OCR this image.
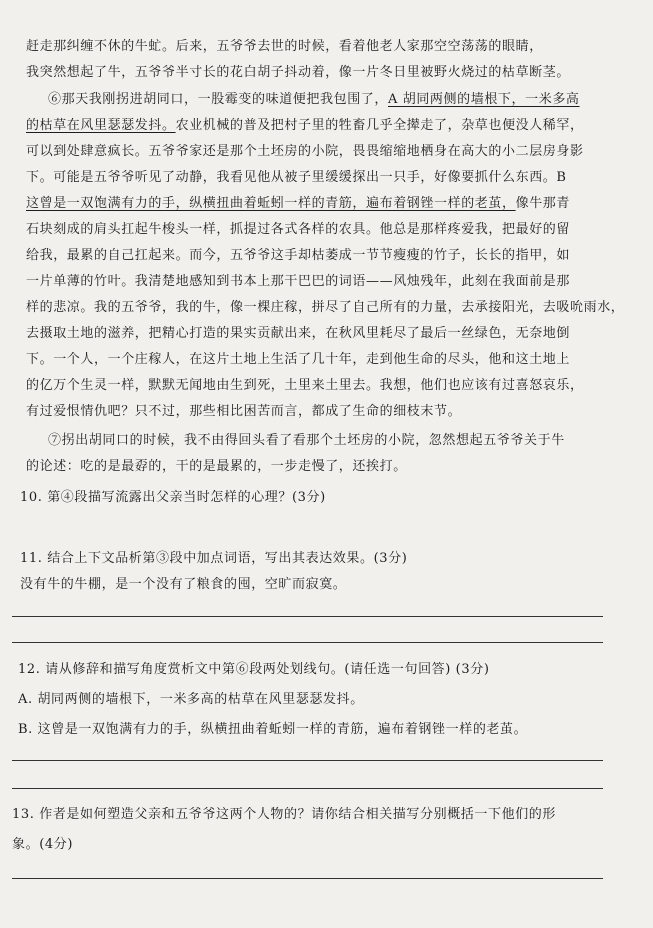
赶走那纠缠不休的牛虻。后来，五爷爷去世的时候，看着他老人家那空空荡荡的眼睛，
我突然想起了牛，五爷爷半寸长的花白胡子抖动着，像一片冬日里被野火烧过的枯草断茎。
⑥那天我刚拐进胡同口，一股霉变的味道便把我包围了，A 胡同两侧的墙根下，一米多高
的枯草在风里瑟瑟发抖。农业机械的普及把村子里的牲畜几乎全撵走了，杂草也便没人稀罕，
可以到处肆意疯长。五爷爷家还是那个土坯房的小院，畏畏缩缩地栖身在高大的小二层房身影
下。可能是五爷爷听见了动静，我看见他从被子里缓缓探出一只手，好像要抓什么东西。B
这曾是一双饱满有力的手，纵横扭曲着蚯蚓一样的青筋，遍布着钢锉一样的老茧，像牛那青
石块刻成的肩头扛起牛梭头一样，抓提过各式各样的农具。他总是那样疼爱我，把最好的留
给我，最累的自己扛起来。而今，五爷爷这手却枯萎成一节节瘦瘦的竹子，长长的指甲，如
一片单薄的竹叶。我清楚地感知到书本上那干巴巴的词语——风烛残年，此刻在我面前是那
样的悲凉。我的五爷爷，我的牛，像一棵庄稼，拼尽了自己所有的力量，去承接阳光，去吸吮雨水，
去摄取土地的滋养，把精心打造的果实贡献出来，在秋风里耗尽了最后一丝绿色，无奈地倒
下。一个人，一个庄稼人，在这片土地上生活了几十年，走到他生命的尽头，他和这土地上
的亿万个生灵一样，默默无闻地由生到死，土里来土里去。我想，他们也应该有过喜怒哀乐，
有过爱恨情仇吧？只不过，那些相比困苦而言，都成了生命的细枝末节。
⑦拐出胡同口的时候，我不由得回头看了看那个土坯房的小院，忽然想起五爷爷关于牛
的论述：吃的是最孬的，干的是最累的，一步走慢了，还挨打。
10. 第④段描写流露出父亲当时怎样的心理？(3分)
11. 结合上下文品析第③段中加点词语，写出其表达效果。(3分)
没有牛的牛棚，是一个没有了粮食的囤，空旷而寂寞。
12. 请从修辞和描写角度赏析文中第⑥段两处划线句。(请任选一句回答) (3分)
A. 胡同两侧的墙根下，一米多高的枯草在风里瑟瑟发抖。
B. 这曾是一双饱满有力的手，纵横扭曲着蚯蚓一样的青筋，遍布着钢锉一样的老茧。
13. 作者是如何塑造父亲和五爷爷这两个人物的？请你结合相关描写分别概括一下他们的形
象。(4分)
